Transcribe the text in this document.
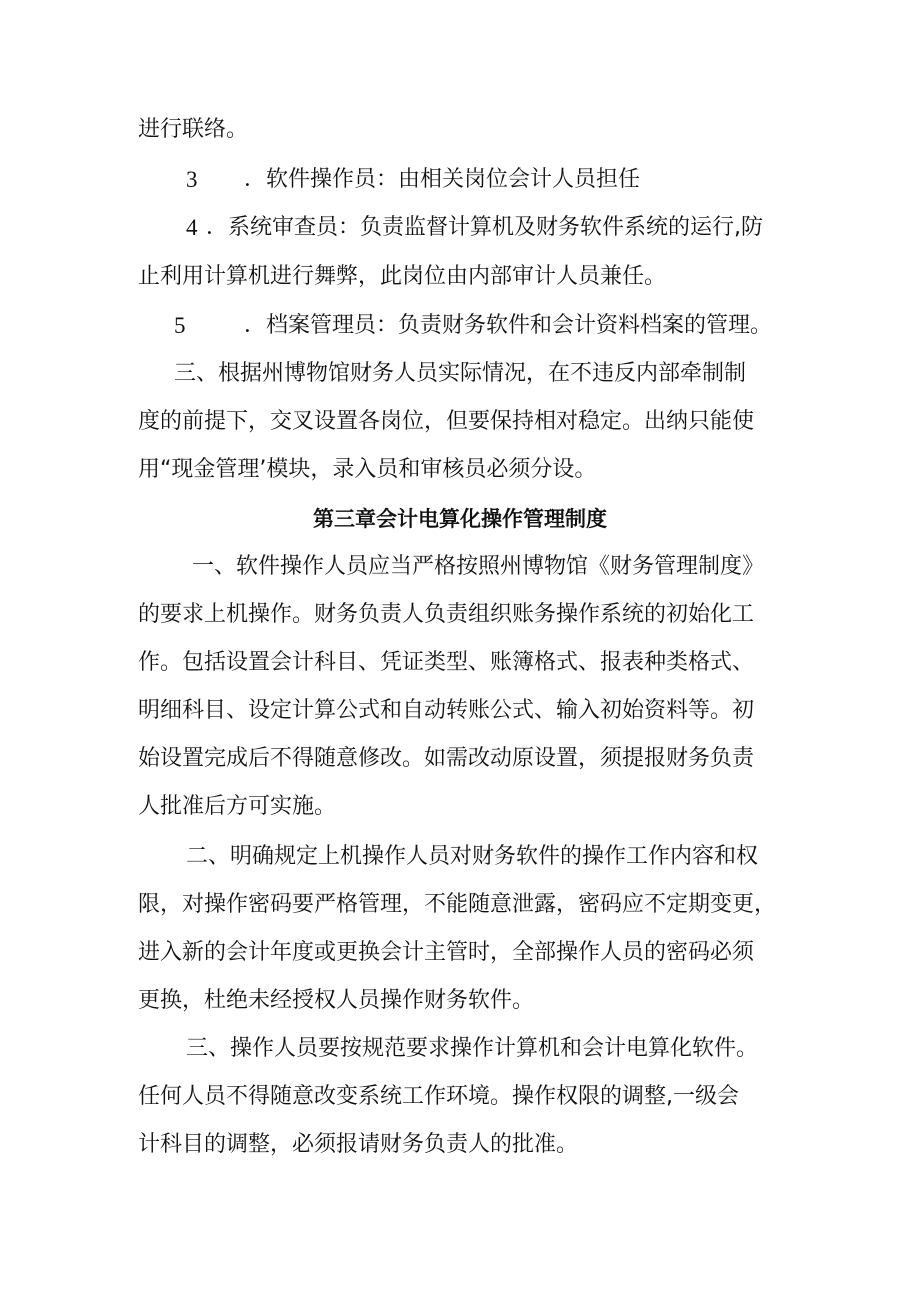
进行联络。
3 ．软件操作员：由相关岗位会计人员担任
4 ．系统审查员：负责监督计算机及财务软件系统的运行,防
止利用计算机进行舞弊，此岗位由内部审计人员兼任。
5	．档案管理员：负责财务软件和会计资料档案的管理。
三、根据州博物馆财务人员实际情况，在不违反内部牵制制
度的前提下，交叉设置各岗位，但要保持相对稳定。出纳只能使
用“现金管理’模块，录入员和审核员必须分设。
第三章会计电算化操作管理制度
一、软件操作人员应当严格按照州博物馆《财务管理制度》
的要求上机操作。财务负责人负责组织账务操作系统的初始化工
作。包括设置会计科目、凭证类型、账簿格式、报表种类格式、
明细科目、设定计算公式和自动转账公式、输入初始资料等。初
始设置完成后不得随意修改。如需改动原设置，须提报财务负责
人批准后方可实施。
二、明确规定上机操作人员对财务软件的操作工作内容和权
限，对操作密码要严格管理，不能随意泄露，密码应不定期变更，
进入新的会计年度或更换会计主管时，全部操作人员的密码必须
更换，杜绝未经授权人员操作财务软件。
三、操作人员要按规范要求操作计算机和会计电算化软件。
任何人员不得随意改变系统工作环境。操作权限的调整,一级会
计科目的调整，必须报请财务负责人的批准。
